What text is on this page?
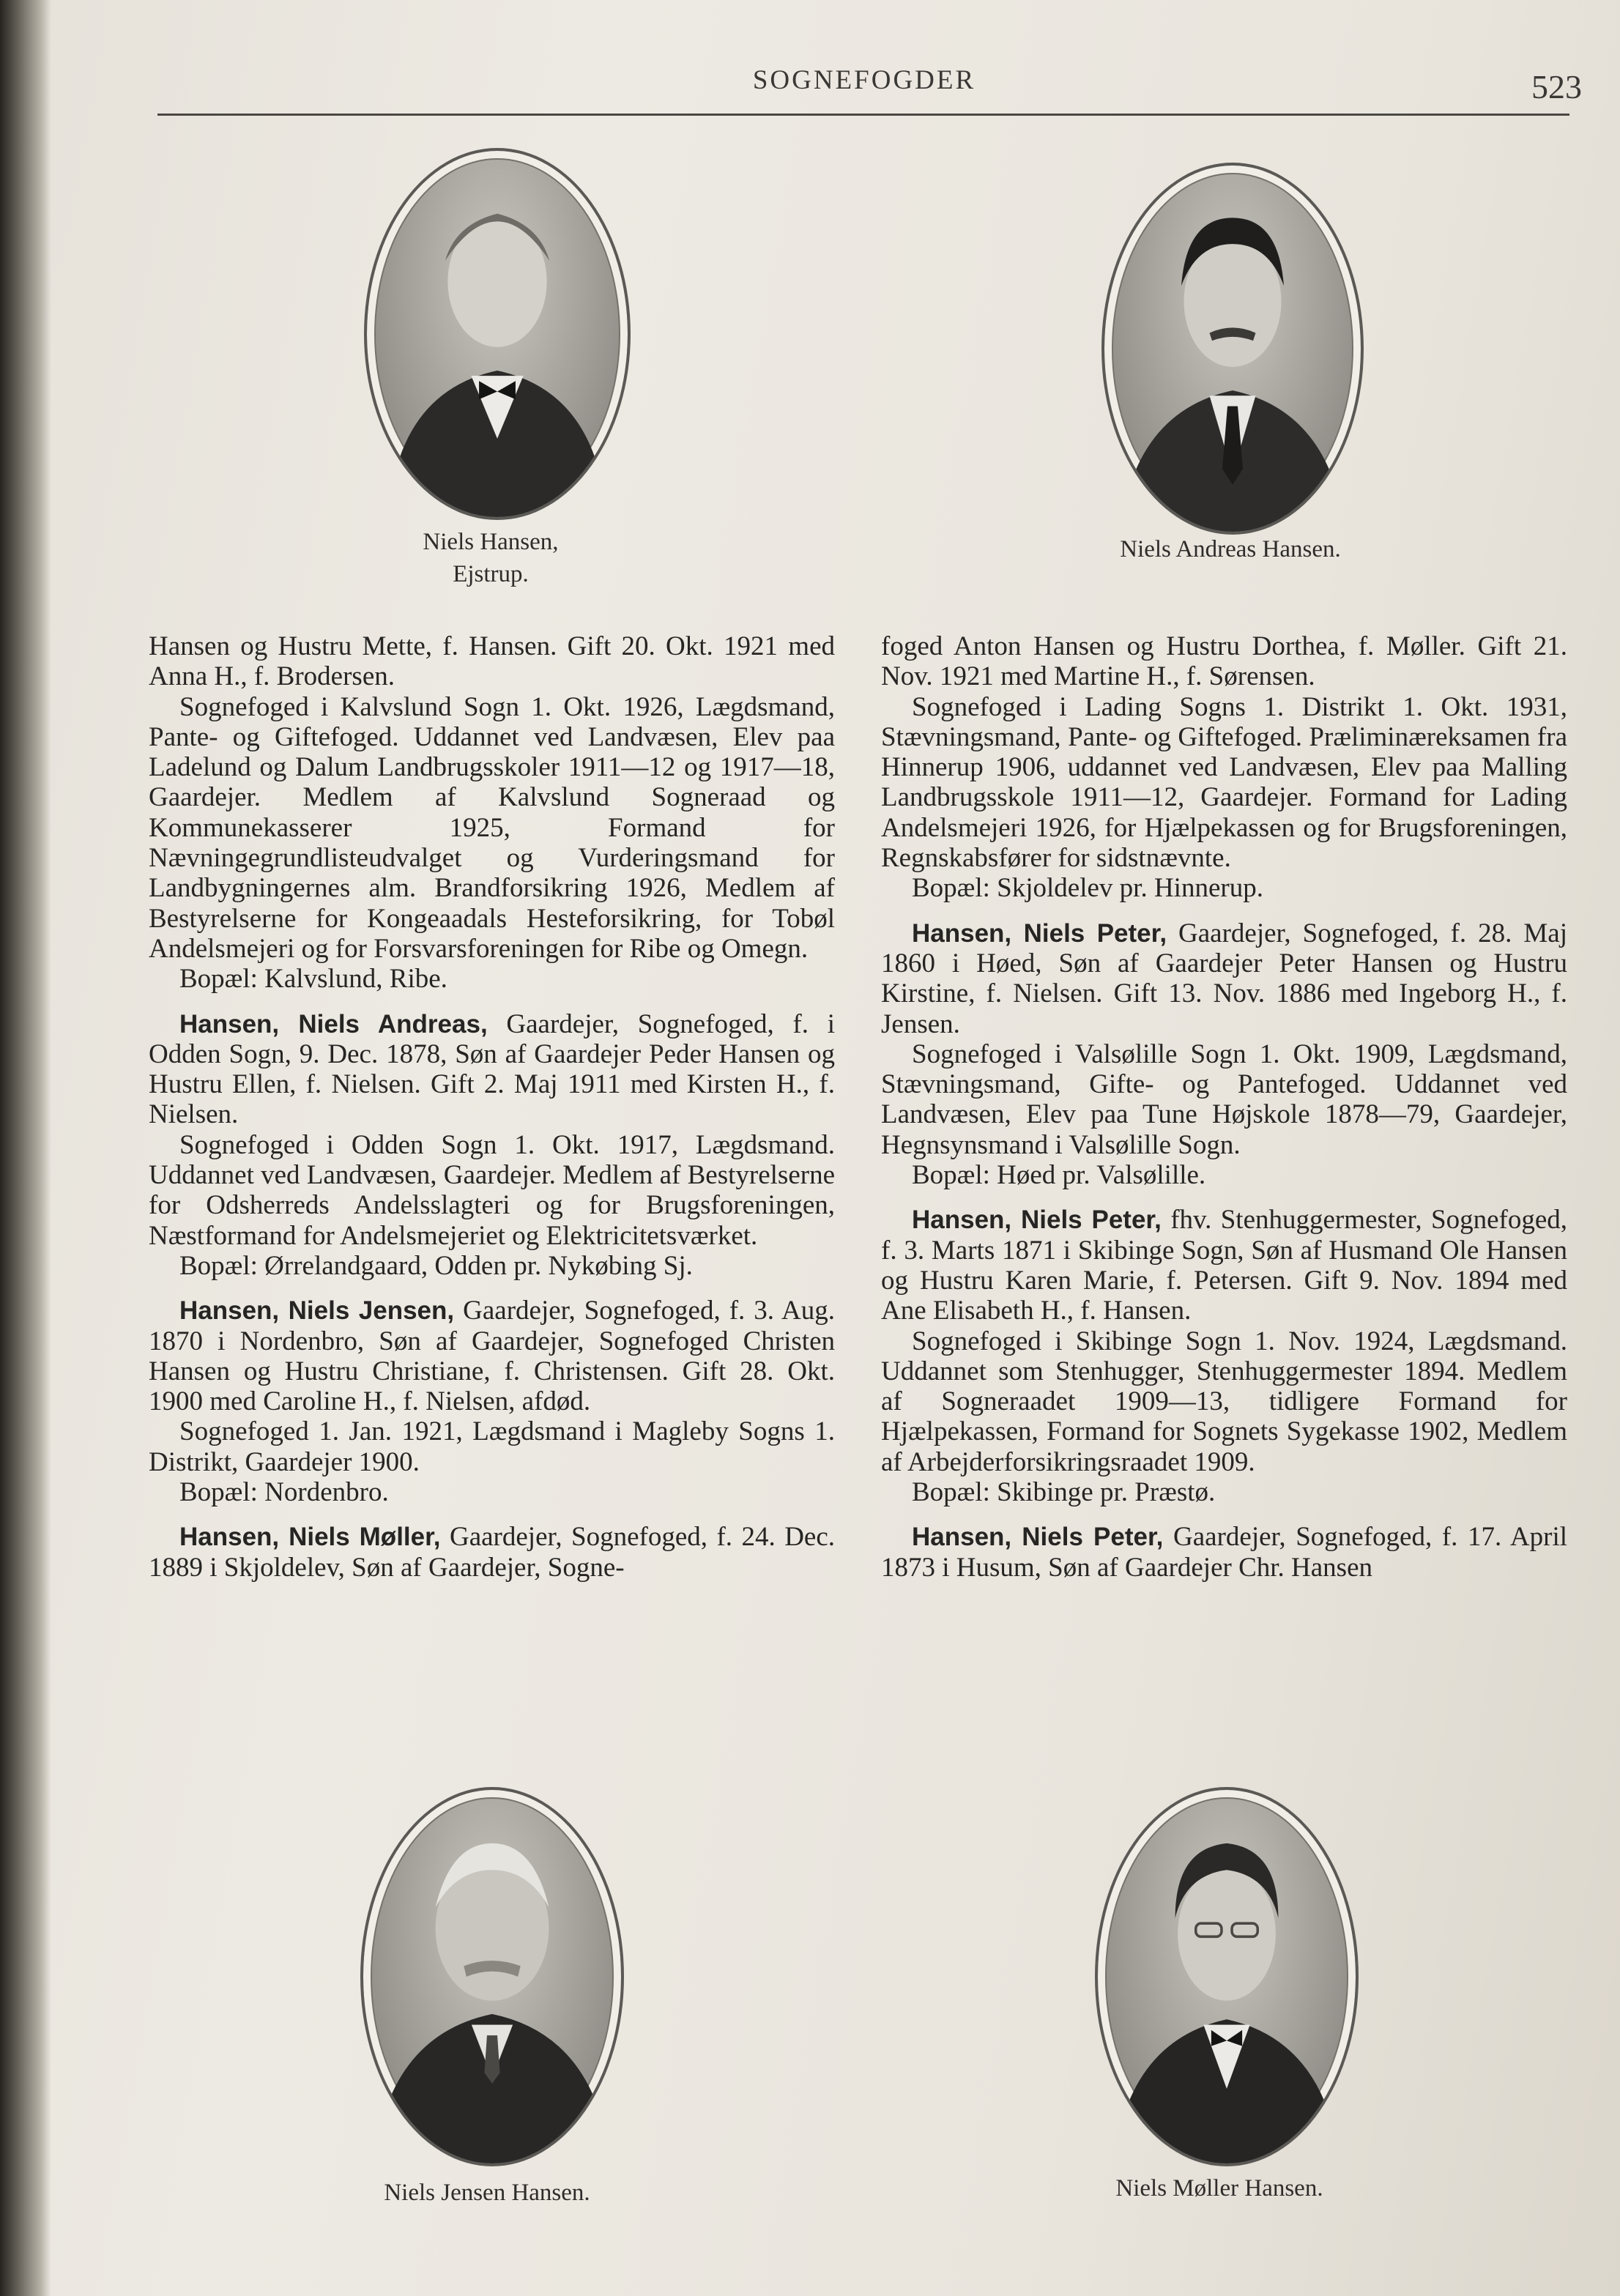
SOGNEFOGDER	523
Niels Hansen,
Ejstrup.
Niels Andreas Hansen.

Hansen og Hustru Mette, f. Hansen. Gift 20. Okt. 1921 med Anna H., f. Brodersen.

Sognefoged i Kalvslund Sogn 1. Okt. 1926, Lægdsmand, Pante- og Giftefoged. Uddannet ved Landvæsen, Elev paa Ladelund og Dalum Landbrugsskoler 1911—12 og 1917—18, Gaardejer. Medlem af Kalvslund Sogneraad og Kommunekasserer 1925, Formand for Nævningegrundlisteudvalget og Vurderingsmand for Landbygningernes alm. Brandforsikring 1926, Medlem af Bestyrelserne for Kongeaadals Hesteforsikring, for Tobøl Andelsmejeri og for Forsvarsforeningen for Ribe og Omegn.

Bopæl: Kalvslund, Ribe.

Hansen, Niels Andreas, Gaardejer, Sognefoged, f. i Odden Sogn, 9. Dec. 1878, Søn af Gaardejer Peder Hansen og Hustru Ellen, f. Nielsen. Gift 2. Maj 1911 med Kirsten H., f. Nielsen.

Sognefoged i Odden Sogn 1. Okt. 1917, Lægdsmand. Uddannet ved Landvæsen, Gaardejer. Medlem af Bestyrelserne for Odsherreds Andelsslagteri og for Brugsforeningen, Næstformand for Andelsmejeriet og Elektricitetsværket.

Bopæl: Ørrelandgaard, Odden pr. Nykøbing Sj.

Hansen, Niels Jensen, Gaardejer, Sognefoged, f. 3. Aug. 1870 i Nordenbro, Søn af Gaardejer, Sognefoged Christen Hansen og Hustru Christiane, f. Christensen. Gift 28. Okt. 1900 med Caroline H., f. Nielsen, afdød.

Sognefoged 1. Jan. 1921, Lægdsmand i Magleby Sogns 1. Distrikt, Gaardejer 1900.

Bopæl: Nordenbro.

Hansen, Niels Møller, Gaardejer, Sognefoged, f. 24. Dec. 1889 i Skjoldelev, Søn af Gaardejer, Sogne-

foged Anton Hansen og Hustru Dorthea, f. Møller. Gift 21. Nov. 1921 med Martine H., f. Sørensen.

Sognefoged i Lading Sogns 1. Distrikt 1. Okt. 1931, Stævningsmand, Pante- og Giftefoged. Præliminæreksamen fra Hinnerup 1906, uddannet ved Landvæsen, Elev paa Malling Landbrugsskole 1911—12, Gaardejer. Formand for Lading Andelsmejeri 1926, for Hjælpekassen og for Brugsforeningen, Regnskabsfører for sidstnævnte.

Bopæl: Skjoldelev pr. Hinnerup.

Hansen, Niels Peter, Gaardejer, Sognefoged, f. 28. Maj 1860 i Høed, Søn af Gaardejer Peter Hansen og Hustru Kirstine, f. Nielsen. Gift 13. Nov. 1886 med Ingeborg H., f. Jensen.

Sognefoged i Valsølille Sogn 1. Okt. 1909, Lægdsmand, Stævningsmand, Gifte- og Pantefoged. Uddannet ved Landvæsen, Elev paa Tune Højskole 1878—79, Gaardejer, Hegnsynsmand i Valsølille Sogn.

Bopæl: Høed pr. Valsølille.

Hansen, Niels Peter, fhv. Stenhuggermester, Sognefoged, f. 3. Marts 1871 i Skibinge Sogn, Søn af Husmand Ole Hansen og Hustru Karen Marie, f. Petersen. Gift 9. Nov. 1894 med Ane Elisabeth H., f. Hansen.

Sognefoged i Skibinge Sogn 1. Nov. 1924, Lægdsmand. Uddannet som Stenhugger, Stenhuggermester 1894. Medlem af Sogneraadet 1909—13, tidligere Formand for Hjælpekassen, Formand for Sognets Sygekasse 1902, Medlem af Arbejderforsikringsraadet 1909.

Bopæl: Skibinge pr. Præstø.

Hansen, Niels Peter, Gaardejer, Sognefoged, f. 17. April 1873 i Husum, Søn af Gaardejer Chr. Hansen

Niels Jensen Hansen.	Niels Møller Hansen.
